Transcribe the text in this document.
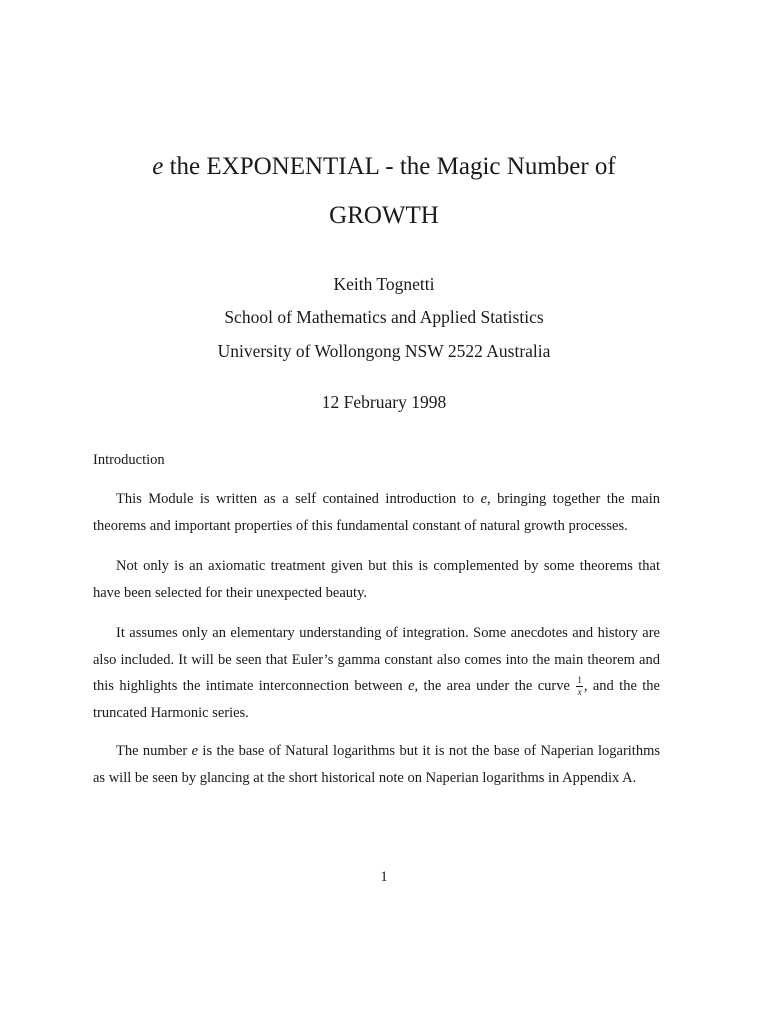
e the EXPONENTIAL - the Magic Number of
GROWTH
Keith Tognetti
School of Mathematics and Applied Statistics
University of Wollongong NSW 2522 Australia
12 February 1998
Introduction

This Module is written as a self contained introduction to e, bringing together the main theorems and important properties of this fundamental constant of natural growth processes.

Not only is an axiomatic treatment given but this is complemented by some theorems that have been selected for their unexpected beauty.

It assumes only an elementary understanding of integration. Some anecdotes and history are also included. It will be seen that Euler’s gamma constant also comes into the main theorem and this highlights the intimate interconnection between e, the area under the curve $\frac{1}{x}$ , and the the truncated Harmonic series.

The number e is the base of Natural logarithms but it is not the base of Naperian logarithms as will be seen by glancing at the short historical note on Naperian logarithms in Appendix A.

1
